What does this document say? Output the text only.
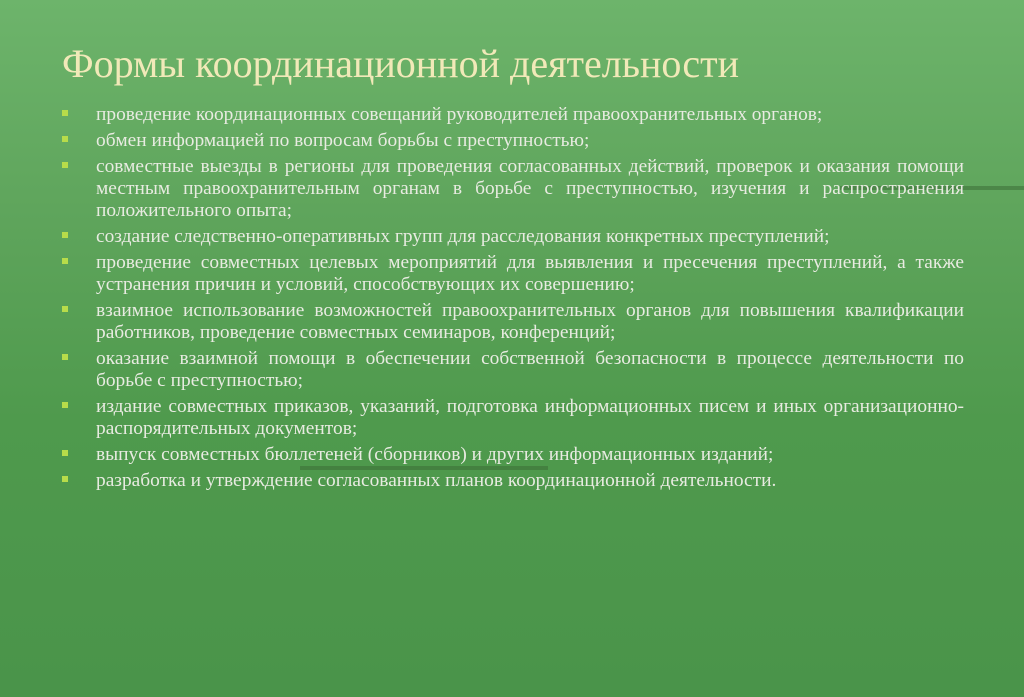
Формы координационной деятельности
проведение координационных совещаний руководителей правоохранительных органов;
обмен информацией по вопросам борьбы с преступностью;
совместные выезды в регионы для проведения согласованных действий, проверок и оказания помощи местным правоохранительным органам в борьбе с преступностью, изучения и распространения положительного опыта;
создание следственно-оперативных групп для расследования конкретных преступлений;
проведение совместных целевых мероприятий для выявления и пресечения преступлений, а также устранения причин и условий, способствующих их совершению;
взаимное использование возможностей правоохранительных органов для повышения квалификации работников, проведение совместных семинаров, конференций;
оказание взаимной помощи в обеспечении собственной безопасности в процессе деятельности по борьбе с преступностью;
издание совместных приказов, указаний, подготовка информационных писем и иных организационно-распорядительных документов;
выпуск совместных бюллетеней (сборников) и других информационных изданий;
разработка и утверждение согласованных планов координационной деятельности.
